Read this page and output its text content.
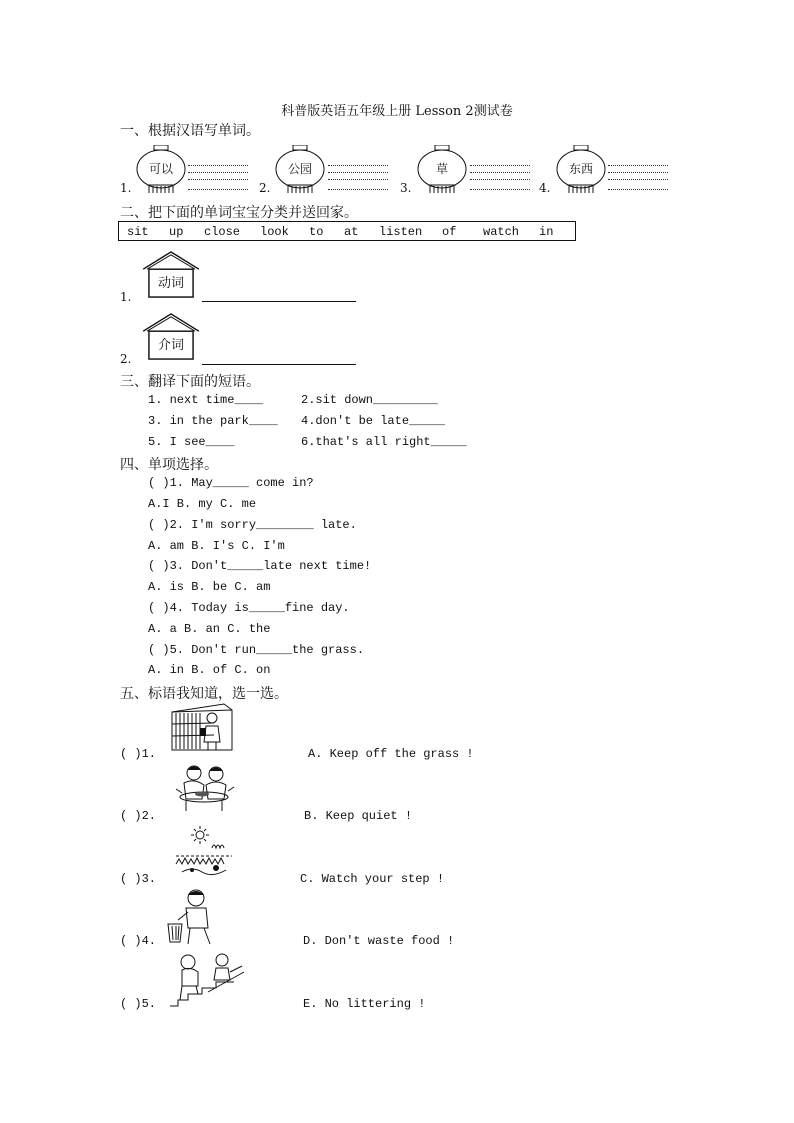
科普版英语五年级上册 Lesson 2测试卷
一、根据汉语写单词。
可以
1.
公园
2.
草
3.
东西
4.
二、把下面的单词宝宝分类并送回家。
sit up close look to at listen of watch in
动词
1.
介词
2.
三、翻译下面的短语。
1. next time____	2.sit down_________
3. in the park____ 4.don't be late_____
5. I see____	6.that's all right_____
四、单项选择。
( )1. May_____ come in?
A.I B. my C. me
( )2. I'm sorry________ late.
A. am B. I's C. I'm
( )3. Don't_____late next time!
A. is B. be C. am
( )4. Today is_____fine day.
A. a B. an C. the
( )5. Don't run_____the grass.
A. in B. of C. on
五、标语我知道，选一选。
( )1.	A. Keep off the grass !
( )2.	B. Keep quiet !
( )3.	C. Watch your step !
( )4.	D. Don't waste food !
( )5.	E. No littering !
